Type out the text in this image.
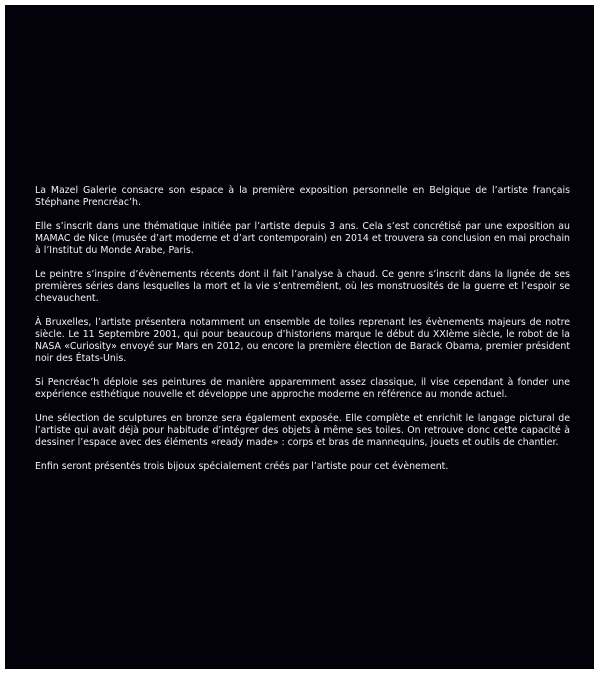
La Mazel Galerie consacre son espace à la première exposition personnelle en Belgique de l’artiste français Stéphane Prencréac’h.

Elle s’inscrit dans une thématique initiée par l’artiste depuis 3 ans. Cela s’est concrétisé par une exposition au MAMAC de Nice (musée d’art moderne et d’art contemporain) en 2014 et trouvera sa conclusion en mai prochain à l’Institut du Monde Arabe, Paris.

Le peintre s’inspire d’évènements récents dont il fait l’analyse à chaud. Ce genre s’inscrit dans la lignée de ses premières séries dans lesquelles la mort et la vie s’entremêlent, où les monstruosités de la guerre et l’espoir se chevauchent.

À Bruxelles, l’artiste présentera notamment un ensemble de toiles reprenant les évènements majeurs de notre siècle. Le 11 Septembre 2001, qui pour beaucoup d’historiens marque le début du XXIème siècle, le robot de la NASA «Curiosity» envoyé sur Mars en 2012, ou encore la première élection de Barack Obama, premier président noir des États-Unis.

Si Pencréac’h déploie ses peintures de manière apparemment assez classique, il vise cependant à fonder une expérience esthétique nouvelle et développe une approche moderne en référence au monde actuel.

Une sélection de sculptures en bronze sera également exposée. Elle complète et enrichit le langage pictural de l’artiste qui avait déjà pour habitude d’intégrer des objets à même ses toiles. On retrouve donc cette capacité à dessiner l’espace avec des éléments «ready made» : corps et bras de mannequins, jouets et outils de chantier.

Enfin seront présentés trois bijoux spécialement créés par l’artiste pour cet évènement.
